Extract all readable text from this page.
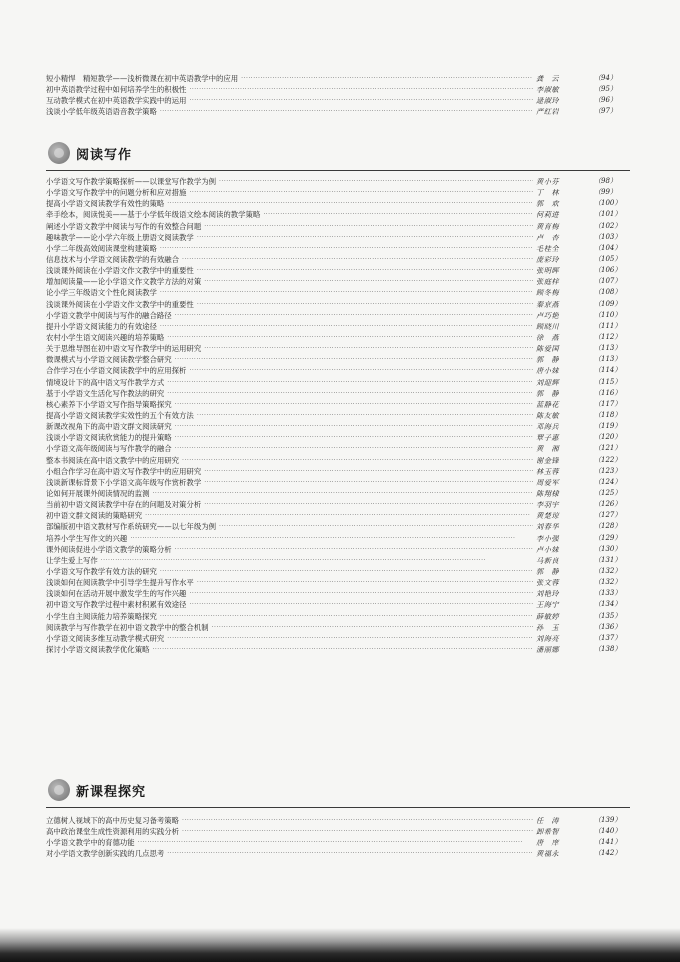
短小精悍　精短教学——浅析微课在初中英语教学中的应用 ·····	龚　云	（94）
初中英语教学过程中如何培养学生的积极性 ·····	李淑敏	（95）
互动教学模式在初中英语教学实践中的运用 ·····	逯淑玲	（96）
浅谈小学低年级英语语音教学策略 ·····	严红岩	（97）
阅读写作
小学语文写作教学策略探析——以课堂写作教学为例 ·····	黄小芬	（98）
小学语文写作教学中的问题分析和应对措施 ·····	丁　林	（99）
提高小学语文阅读教学有效性的策略 ·····	郭　欢	（100）
牵手绘本，阅读悦美——基于小学低年级语文绘本阅读的教学策略 ·····	何莉进	（101）
阐述小学语文教学中阅读与写作的有效整合问题 ·····	黄育梅	（102）
趣味教学——论小学六年级上册语文阅读教学 ·····	卢　杏	（103）
小学二年级高效阅读课堂构建策略 ·····	毛桂全	（104）
信息技术与小学语文阅读教学的有效融合 ·····	庞彩玲	（105）
浅谈课外阅读在小学语文作文教学中的重要性 ·····	张明晖	（106）
增加阅读量——论小学语文作文教学方法的对策 ·····	张庭梓	（107）
论小学三年级语文个性化阅读教学 ·····	顾冬梅	（108）
浅谈课外阅读在小学语文作文教学中的重要性 ·····	秦京燕	（109）
小学语文教学中阅读与写作的融合路径 ·····	卢巧艳	（110）
提升小学语文阅读能力的有效途径 ·····	顾晓川	（111）
农村小学生语文阅读兴趣的培养策略 ·····	徐　燕	（112）
关于思维导图在初中语文写作教学中的运用研究 ·····	陈爱国	（113）
微课模式与小学语文阅读教学整合研究 ·····	郭　静	（113）
合作学习在小学语文阅读教学中的应用探析 ·····	唐小妹	（114）
情境设计下的高中语文写作教学方式 ·····	刘迎辉	（115）
基于小学语文生活化写作教法的研究 ·····	郭　静	（116）
核心素养下小学语文写作指导策略探究 ·····	蓝静花	（117）
提高小学语文阅读教学实效性的五个有效方法 ·····	陈友敏	（118）
新课改视角下的高中语文群文阅读研究 ·····	邓海兵	（119）
浅谈小学语文阅读欣赏能力的提升策略 ·····	覃子惠	（120）
小学语文高年级阅读与写作教学的融合 ·····	黄　湘	（121）
整本书阅读在高中语文教学中的应用研究 ·····	谢金锋	（122）
小组合作学习在高中语文写作教学中的应用研究 ·····	林玉蓉	（123）
浅谈新课标背景下小学语文高年级写作赏析教学 ·····	周爱军	（124）
论如何开展课外阅读情况的监测 ·····	陈翔棣	（125）
当前初中语文阅读教学中存在的问题及对策分析 ·····	李羽宇	（126）
初中语文群文阅读的策略研究 ·····	黄楚琼	（127）
部编版初中语文教材写作系统研究——以七年级为例 ·····	刘春华	（128）
培养小学生写作文的兴趣 ·····	李小强	（129）
课外阅读促进小学语文教学的策略分析 ·····	卢小妹	（130）
让学生爱上写作 ·····	马新良	（131）
小学语文写作教学有效方法的研究 ·····	郭　静	（132）
浅谈如何在阅读教学中引导学生提升写作水平 ·····	张文蓉	（132）
浅谈如何在活动开展中激发学生的写作兴趣 ·····	刘艳玲	（133）
初中语文写作教学过程中素材积累有效途径 ·····	王海宁	（134）
小学生自主阅读能力培养策略探究 ·····	薛敏婷	（135）
阅读教学与写作教学在初中语文教学中的整合机制 ·····	孙　玉	（136）
小学语文阅读多维互动教学模式研究 ·····	刘海亮	（137）
探讨小学语文阅读教学优化策略 ·····	潘丽娜	（138）
新课程探究
立德树人视域下的高中历史复习备考策略 ·····	任　涛	（139）
高中政治课堂生成性资源利用的实践分析 ·····	卸希智	（140）
小学语文教学中的育德功能 ·····	唐　庠	（141）
对小学语文教学创新实践的几点思考 ·····	黄福永	（142）
